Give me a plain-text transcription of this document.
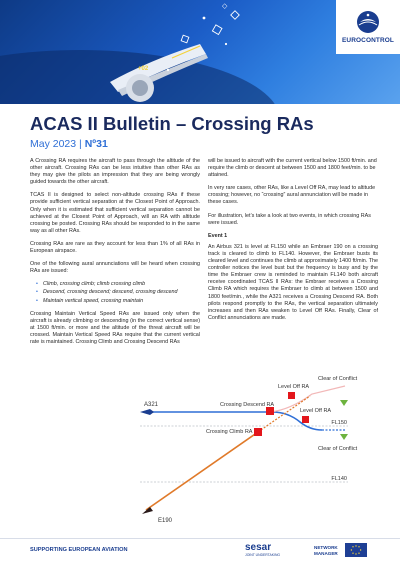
◇
+02
EUROCONTROL
ACAS II Bulletin – Crossing RAs
May 2023 | Nº31

A Crossing RA requires the aircraft to pass through the altitude of the other aircraft. Crossing RAs can be less intuitive than other RAs as they may give the pilots an impression that they are being wrongly guided towards the other aircraft.

TCAS II is designed to select non-altitude crossing RAs if these provide sufficient vertical separation at the Closest Point of Approach. Only when it is estimated that sufficient vertical separation cannot be achieved at the Closest Point of Approach, will an RA with altitude crossing be posted. Crossing RAs should be responded to in the same way as all other RAs.

Crossing RAs are rare as they account for less than 1% of all RAs in European airspace.

One of the following aural annunciations will be heard when crossing RAs are issued:

• Climb, crossing climb; climb crossing climb
• Descend, crossing descend; descend, crossing descend
• Maintain vertical speed, crossing maintain

Crossing Maintain Vertical Speed RAs are issued only when the aircraft is already climbing or descending (in the correct vertical sense) at 1500 ft/min. or more and the altitude of the threat aircraft will be crossed. Maintain Vertical Speed RAs require that the current vertical rate is maintained. Crossing Climb and Crossing Descend RAs

will be issued to aircraft with the current vertical below 1500 ft/min. and require the climb or descent at between 1500 and 1800 feet/min. to be attained.

In very rare cases, other RAs, like a Level Off RA, may lead to altitude crossing; however, no “crossing” aural annunciation will be made in these cases.

For illustration, let’s take a look at two events, in which crossing RAs were issued.

Event 1

An Airbus 321 is level at FL150 while an Embraer 190 on a crossing track is cleared to climb to FL140. However, the Embraer busts its cleared level and continues the climb at approximately 1400 ft/min. The controller notices the level bust but the frequency is busy and by the time the Embraer crew is reminded to maintain FL140 both aircraft receive coordinated TCAS II RAs: the Embraer receives a Crossing Climb RA which requires the Embraer to climb at between 1500 and 1800 feet/min., while the A321 receives a Crossing Descend RA. Both pilots respond promptly to the RAs, the vertical separation ultimately increases and then RAs weaken to Level Off RAs. Finally, Clear of Conflict annunciations are made.

FL150
FL140
A321
E190
Crossing Descend RA
Crossing Climb RA
Level Off RA
Level Off RA
Clear of Conflict
Clear of Conflict
SUPPORTING EUROPEAN AVIATION	sesar
JOINT UNDERTAKING
NETWORK
MANAGER
